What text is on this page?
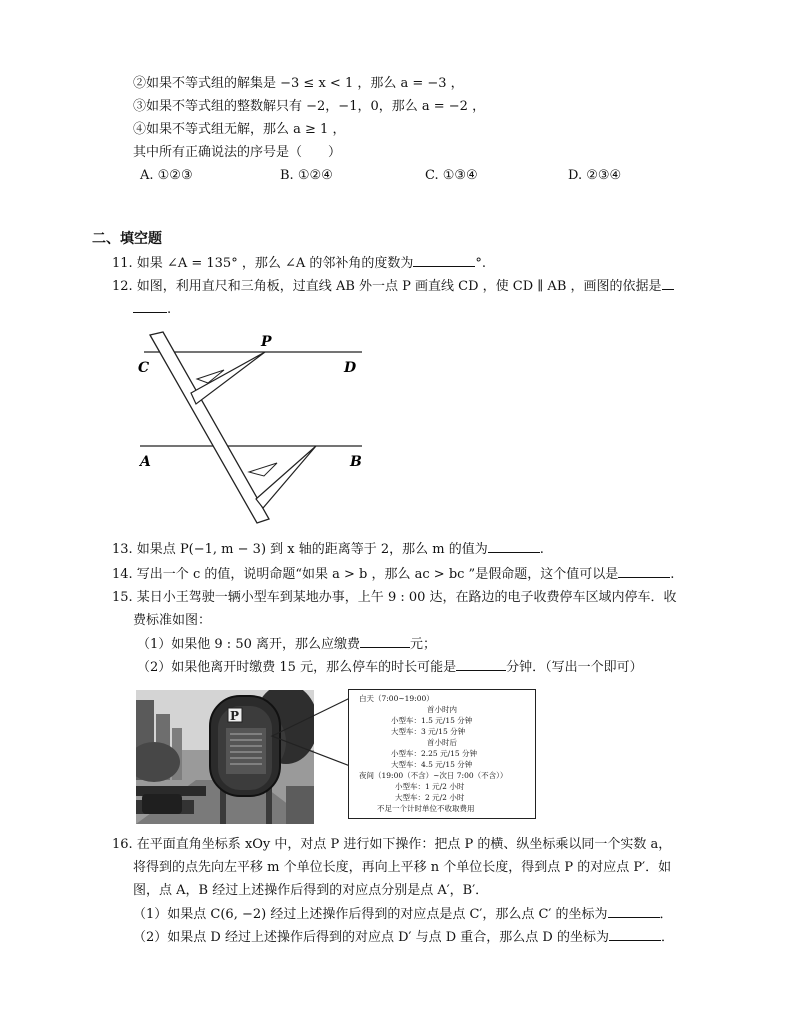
②如果不等式组的解集是 −3 ≤ x < 1 ，那么 a = −3 ，
③如果不等式组的整数解只有 −2，−1，0，那么 a = −2 ，
④如果不等式组无解，那么 a ≥ 1 ，
其中所有正确说法的序号是（　　）
A. ①②③	B. ①②④	C. ①③④	D. ②③④
二、填空题
11. 如果 ∠A = 135° ，那么 ∠A 的邻补角的度数为	°.
12. 如图，利用直尺和三角板，过直线 AB 外一点 P 画直线 CD ，使 CD ∥ AB ，画图的依据是
.
P
C	D
A	B
13. 如果点 P(−1, m − 3) 到 x 轴的距离等于 2，那么 m 的值为	.
14. 写出一个 c 的值，说明命题“如果 a > b ，那么 ac > bc ”是假命题，这个值可以是	.
15. 某日小王驾驶一辆小型车到某地办事，上午 9 : 00 达，在路边的电子收费停车区域内停车．收
费标准如图：
（1）如果他 9 : 50 离开，那么应缴费	元；
（2）如果他离开时缴费 15 元，那么停车的时长可能是	分钟．（写出一个即可）
P
白天（7:00~19:00）
首小时内
小型车：1.5 元/15 分钟
大型车：3 元/15 分钟
首小时后
小型车：2.25 元/15 分钟
大型车：4.5 元/15 分钟
夜间（19:00（不含）~次日 7:00（不含））
小型车：1 元/2 小时
大型车：2 元/2 小时
不足一个计时单位不收取费用
16. 在平面直角坐标系 xOy 中，对点 P 进行如下操作：把点 P 的横、纵坐标乘以同一个实数 a，
将得到的点先向左平移 m 个单位长度，再向上平移 n 个单位长度，得到点 P 的对应点 P′．如
图，点 A，B 经过上述操作后得到的对应点分别是点 A′，B′．
（1）如果点 C(6, −2) 经过上述操作后得到的对应点是点 C′，那么点 C′ 的坐标为	．
（2）如果点 D 经过上述操作后得到的对应点 D′ 与点 D 重合，那么点 D 的坐标为	．
